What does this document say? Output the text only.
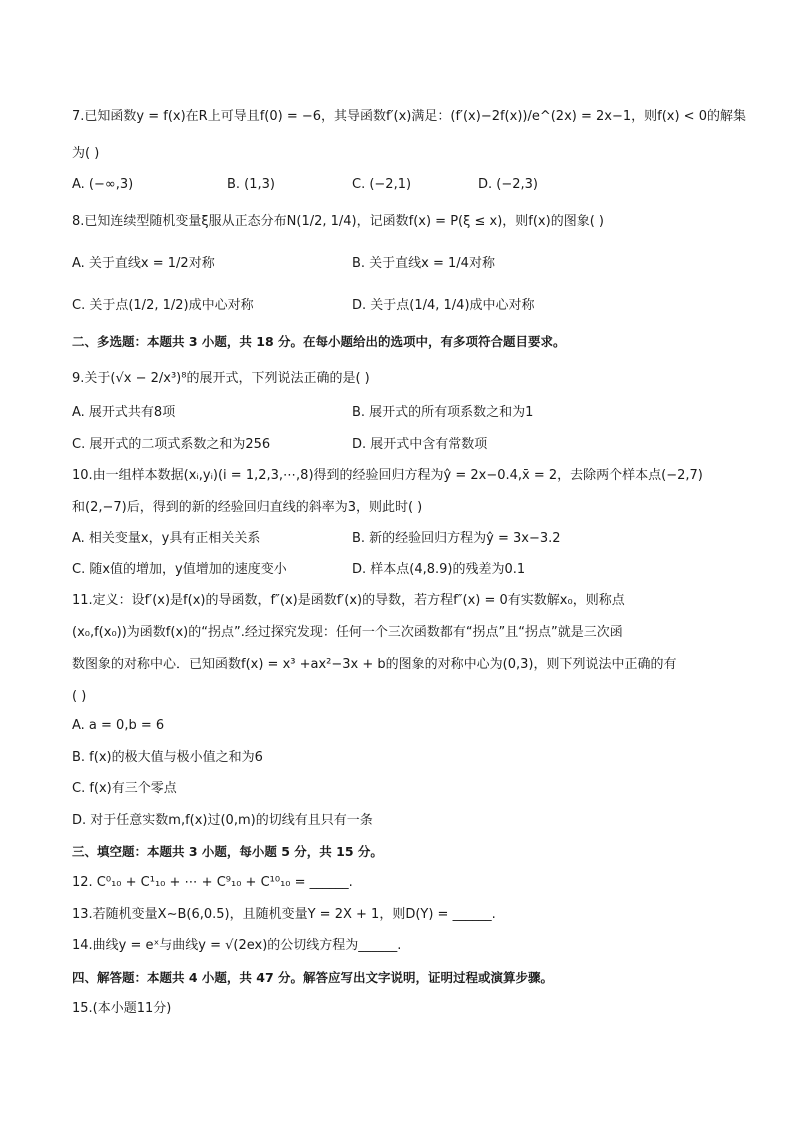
7.已知函数y = f(x)在R上可导且f(0) = −6，其导函数f′(x)满足：(f′(x)−2f(x))/e^(2x) = 2x−1，则f(x) < 0的解集
为( )
8.已知连续型随机变量ξ服从正态分布N(1/2, 1/4)，记函数f(x) = P(ξ ≤ x)，则f(x)的图象( )
二、多选题：本题共 3 小题，共 18 分。在每小题给出的选项中，有多项符合题目要求。
9.关于(√x − 2/x³)⁸的展开式，下列说法正确的是( )
10.由一组样本数据(xᵢ,yᵢ)(i = 1,2,3,⋯,8)得到的经验回归方程为ŷ = 2x−0.4,x̄ = 2，去除两个样本点(−2,7)
和(2,−7)后，得到的新的经验回归直线的斜率为3，则此时( )
11.定义：设f′(x)是f(x)的导函数，f″(x)是函数f′(x)的导数，若方程f″(x) = 0有实数解x₀，则称点
(x₀,f(x₀))为函数f(x)的“拐点”.经过探究发现：任何一个三次函数都有“拐点”且“拐点”就是三次函
数图象的对称中心．已知函数f(x) = x³ +ax²−3x + b的图象的对称中心为(0,3)，则下列说法中正确的有
( )
A. a = 0,b = 6
B. f(x)的极大值与极小值之和为6
C. f(x)有三个零点
D. 对于任意实数m,f(x)过(0,m)的切线有且只有一条
三、填空题：本题共 3 小题，每小题 5 分，共 15 分。
12. C⁰₁₀ + C¹₁₀ + ⋯ + C⁹₁₀ + C¹⁰₁₀ = ______.
13.若随机变量X∼B(6,0.5)，且随机变量Y = 2X + 1，则D(Y) = ______.
14.曲线y = eˣ与曲线y = √(2ex)的公切线方程为______.
四、解答题：本题共 4 小题，共 47 分。解答应写出文字说明，证明过程或演算步骤。
15.(本小题11分)
A. (−∞,3)	B. (1,3)	C. (−2,1)	D. (−2,3)
A. 关于直线x = 1/2对称	B. 关于直线x = 1/4对称
C. 关于点(1/2, 1/2)成中心对称	D. 关于点(1/4, 1/4)成中心对称
A. 展开式共有8项	B. 展开式的所有项系数之和为1
C. 展开式的二项式系数之和为256	D. 展开式中含有常数项
A. 相关变量x，y具有正相关关系	B. 新的经验回归方程为ŷ = 3x−3.2
C. 随x值的增加，y值增加的速度变小	D. 样本点(4,8.9)的残差为0.1
